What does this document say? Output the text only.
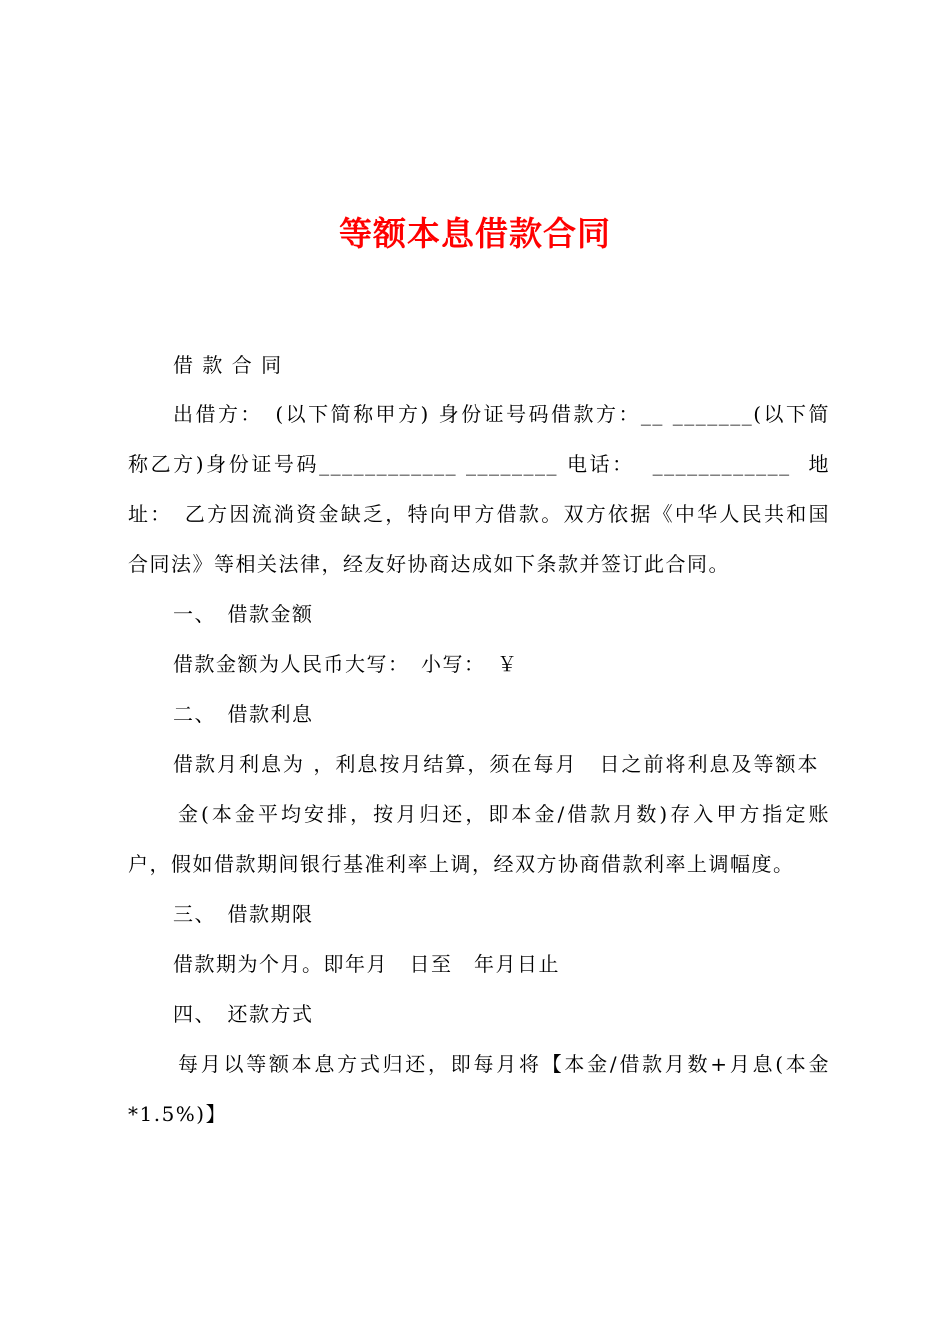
等额本息借款合同
借 款 合 同
出借方：　(以下简称甲方) 身份证号码借款方：__ _______(以下简
称乙方)身份证号码____________ ________ 电话：  ____________  地
址：　乙方因流淌资金缺乏，特向甲方借款。双方依据《中华人民共和国
合同法》等相关法律，经友好协商达成如下条款并签订此合同。
一、　借款金额
借款金额为人民币大写：　小写：　￥
二、　借款利息
借款月利息为 ，利息按月结算，须在每月　日之前将利息及等额本
金(本金平均安排，按月归还，即本金/借款月数)存入甲方指定账
户，假如借款期间银行基准利率上调，经双方协商借款利率上调幅度。
三、　借款期限
借款期为个月。即年月　日至　年月日止
四、　还款方式
每月以等额本息方式归还，即每月将【本金/借款月数+月息(本金
*1.5%)】
